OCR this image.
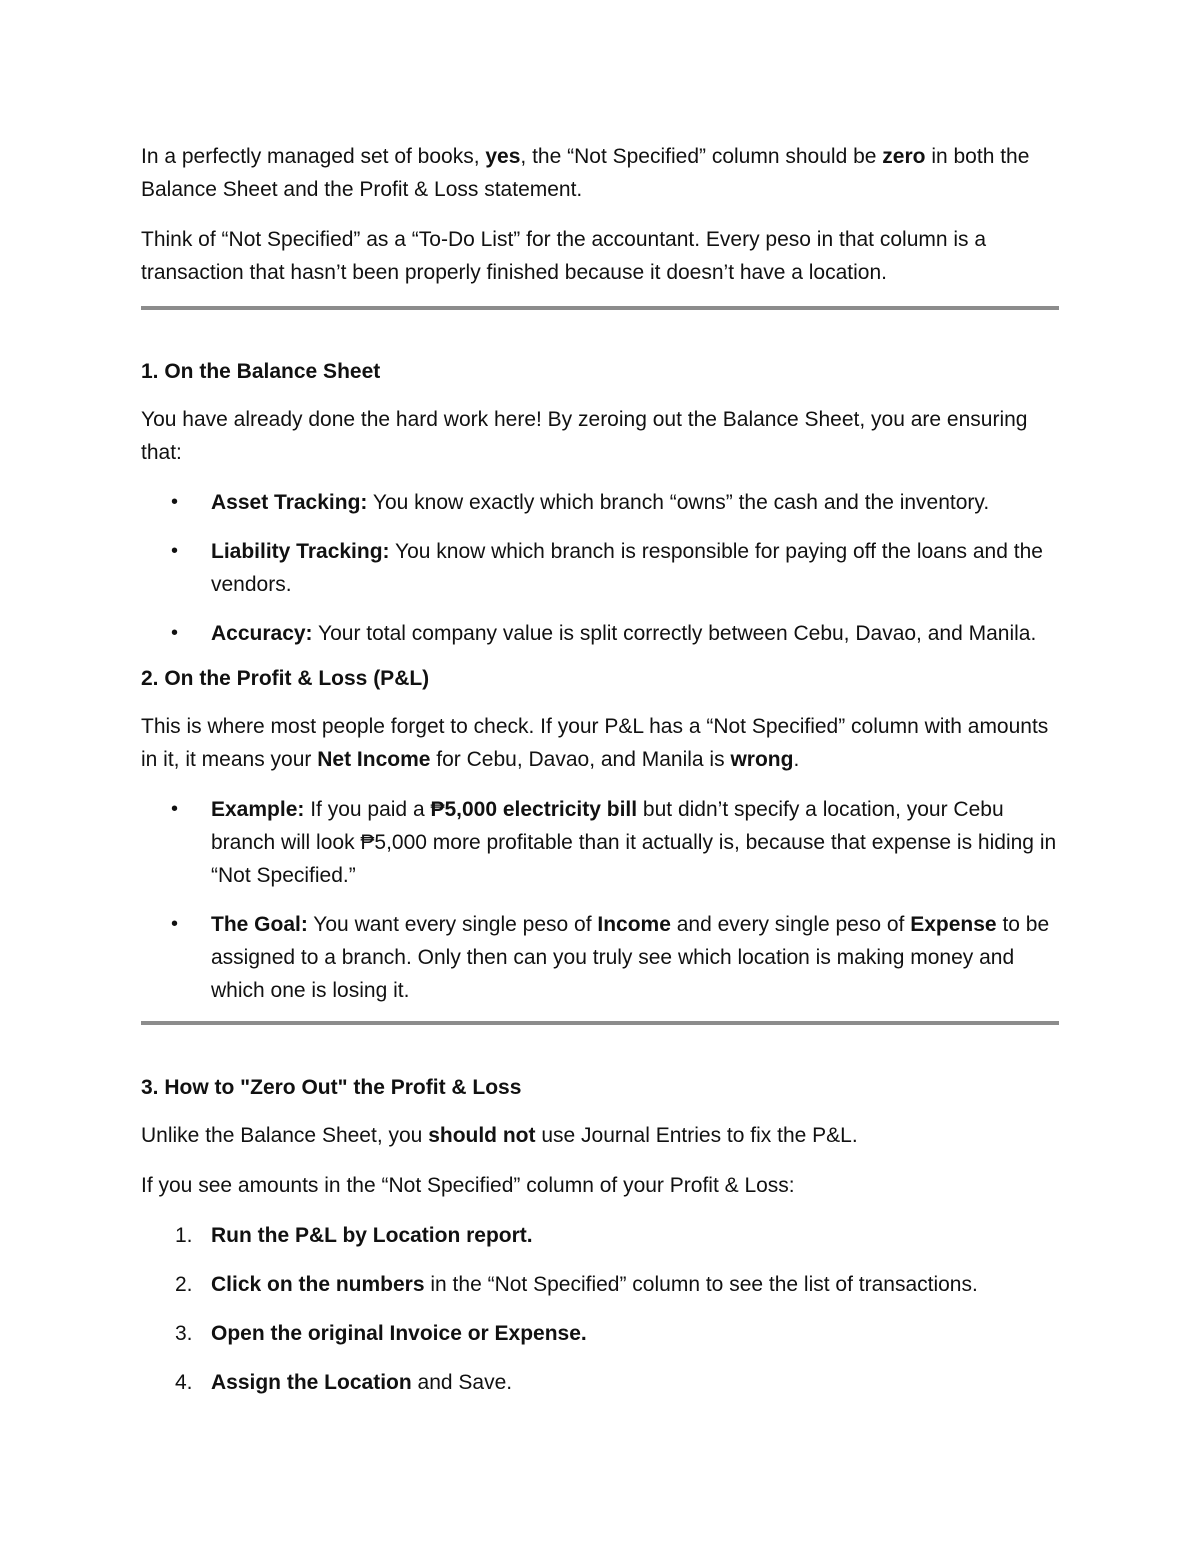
In a perfectly managed set of books, yes, the “Not Specified” column should be zero in both the Balance Sheet and the Profit & Loss statement.

Think of “Not Specified” as a “To-Do List” for the accountant. Every peso in that column is a transaction that hasn’t been properly finished because it doesn’t have a location.

1. On the Balance Sheet

You have already done the hard work here! By zeroing out the Balance Sheet, you are ensuring that:

• Asset Tracking: You know exactly which branch “owns” the cash and the inventory.
• Liability Tracking: You know which branch is responsible for paying off the loans and the vendors.
• Accuracy: Your total company value is split correctly between Cebu, Davao, and Manila.

2. On the Profit & Loss (P&L)

This is where most people forget to check. If your P&L has a “Not Specified” column with amounts in it, it means your Net Income for Cebu, Davao, and Manila is wrong.

• Example: If you paid a ₱5,000 electricity bill but didn’t specify a location, your Cebu branch will look ₱5,000 more profitable than it actually is, because that expense is hiding in “Not Specified.”
• The Goal: You want every single peso of Income and every single peso of Expense to be assigned to a branch. Only then can you truly see which location is making money and which one is losing it.

3. How to "Zero Out" the Profit & Loss

Unlike the Balance Sheet, you should not use Journal Entries to fix the P&L.

If you see amounts in the “Not Specified” column of your Profit & Loss:

1. Run the P&L by Location report.
2. Click on the numbers in the “Not Specified” column to see the list of transactions.
3. Open the original Invoice or Expense.
4. Assign the Location and Save.
